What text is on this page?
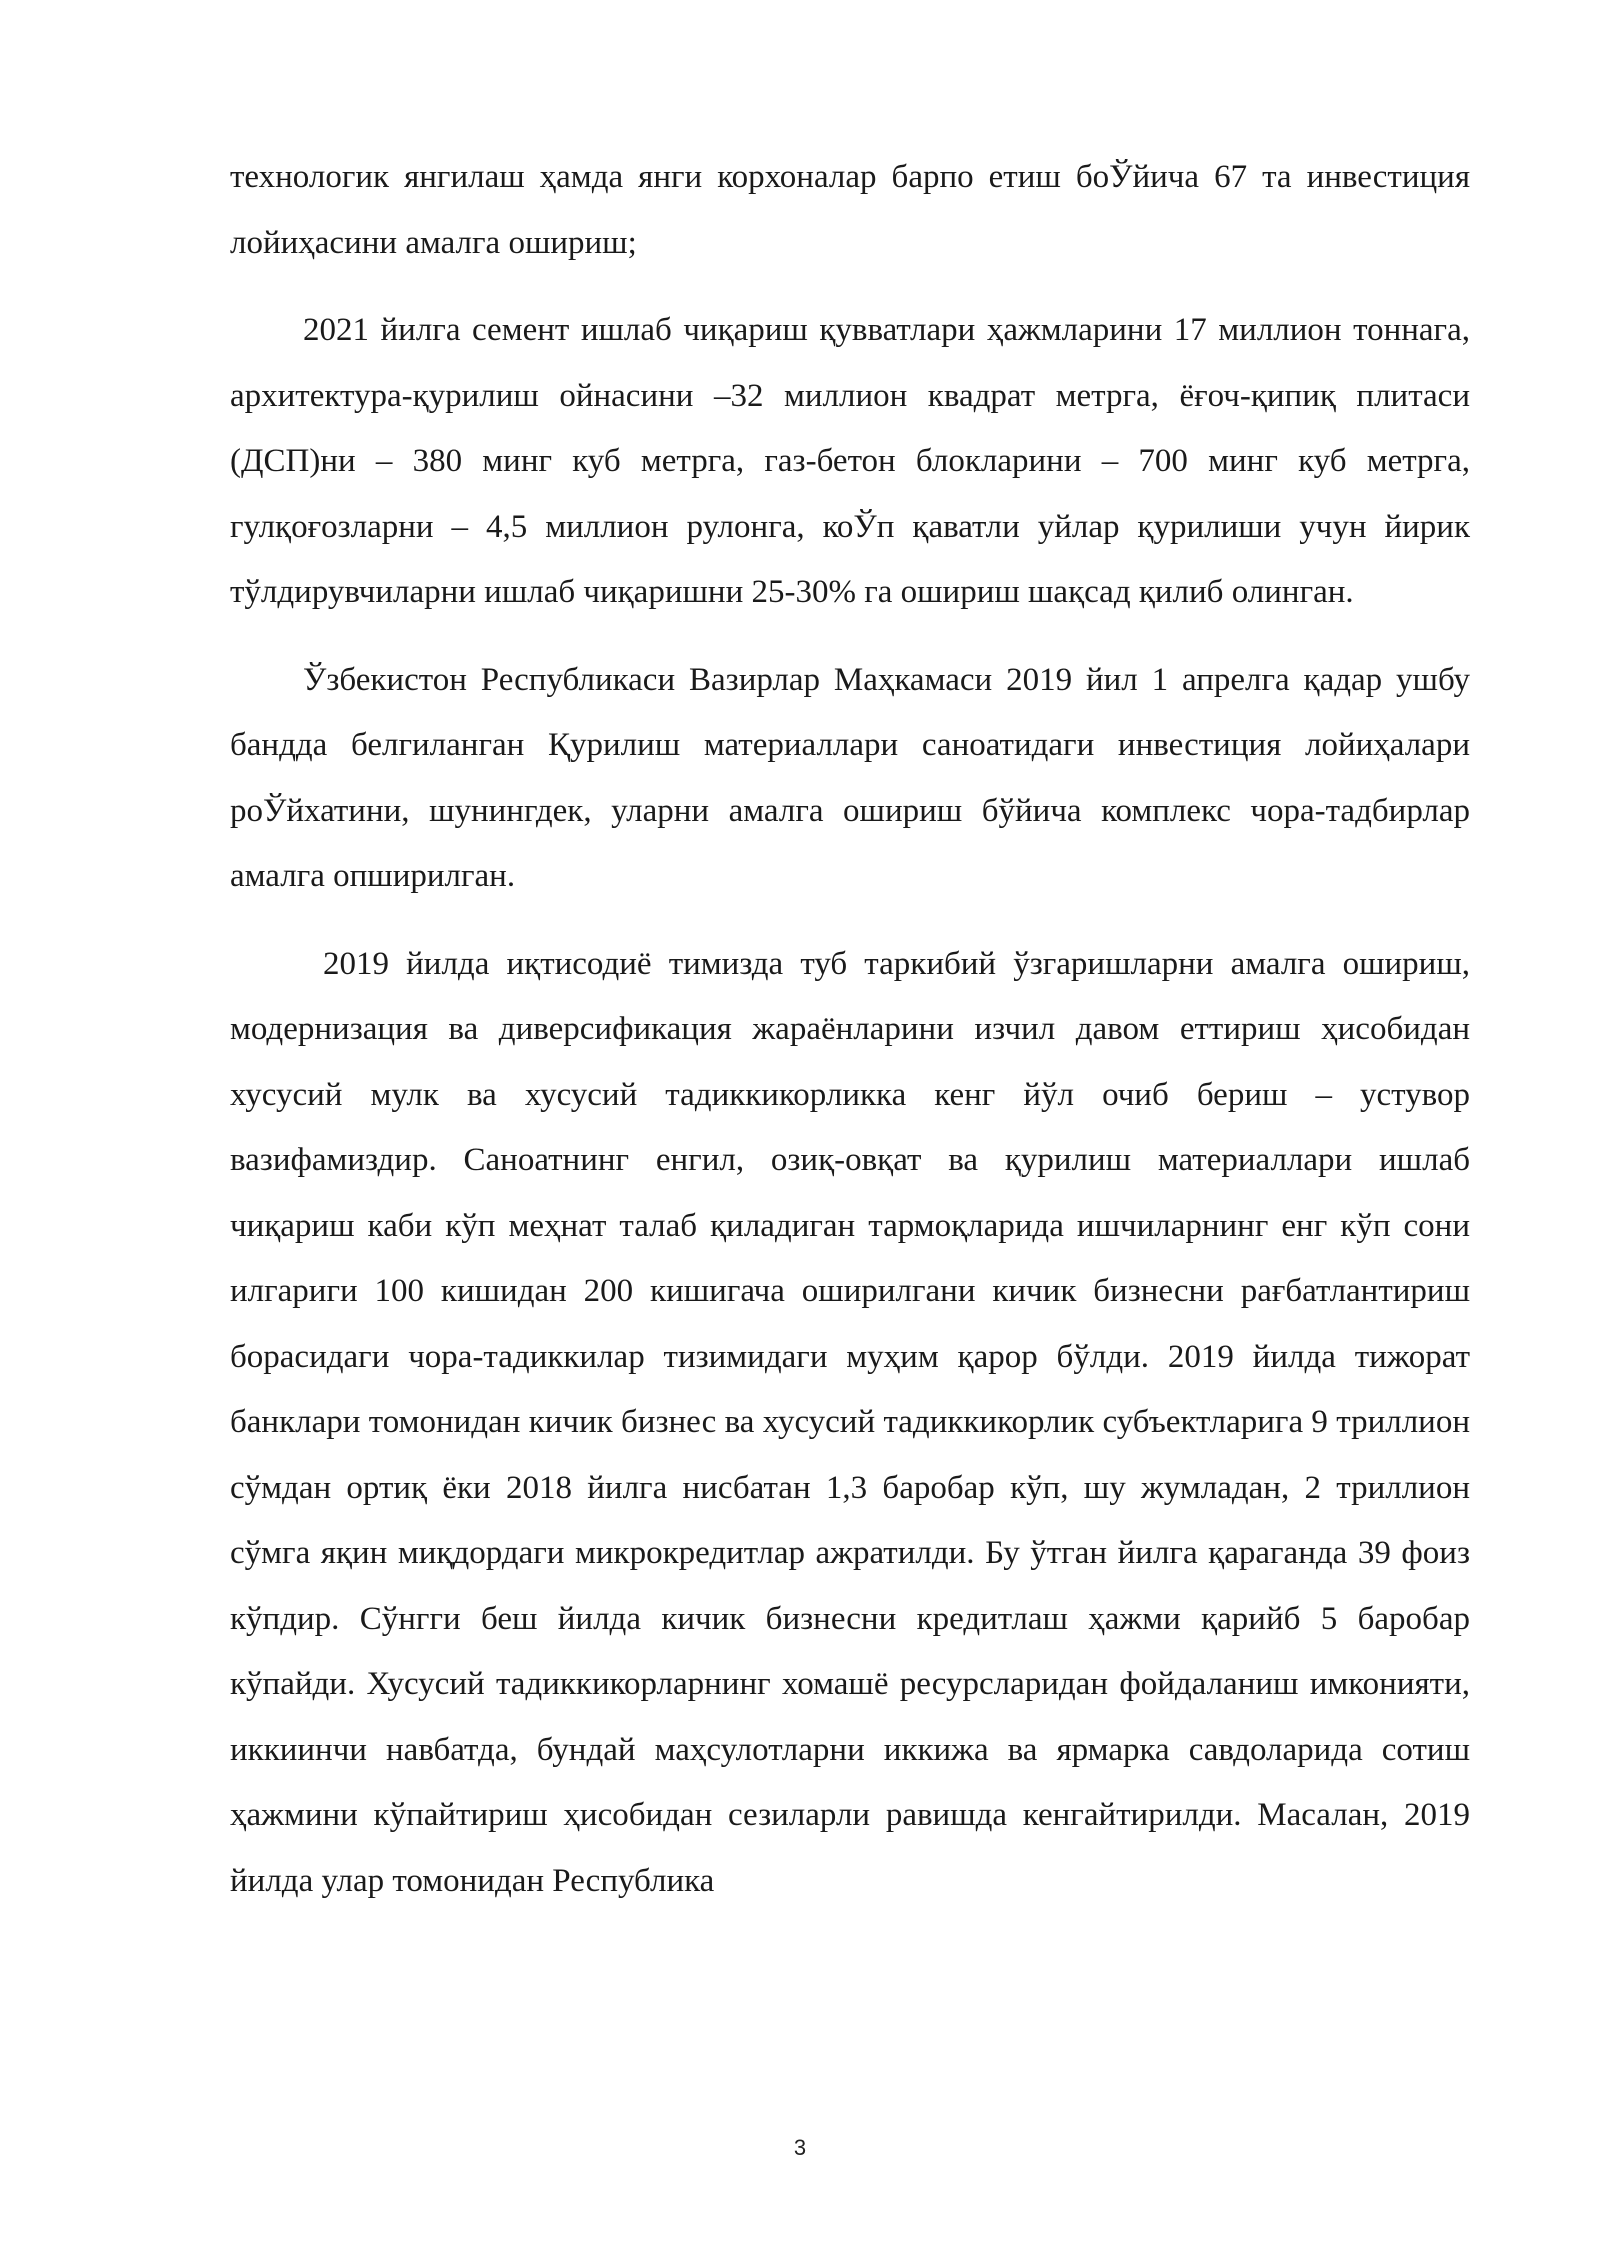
технологик янгилаш ҳамда янги корхоналар барпо етиш боЎйича 67 та инвестиция лойиҳасини амалга ошириш;

2021 йилга семент ишлаб чиқариш қувватлари ҳажмларини 17 миллион тоннага, архитектура-қурилиш ойнасини –32 миллион квадрат метрга, ёғоч-қипиқ плитаси (ДСП)ни – 380 минг куб метрга, газ-бетон блокларини – 700 минг куб метрга, гулқоғозларни – 4,5 миллион рулонга, коЎп қаватли уйлар қурилиши учун йирик тўлдирувчиларни ишлаб чиқаришни 25-30% га ошириш шақсад қилиб олинган.

Ўзбекистон Республикаси Вазирлар Маҳкамаси 2019 йил 1 апрелга қадар ушбу бандда белгиланган Қурилиш материаллари саноатидаги инвестиция лойиҳалари роЎйхатини, шунингдек, уларни амалга ошириш бўйича комплекс чора-тадбирлар амалга опширилган.

2019 йилда иқтисодиё тимизда туб таркибий ўзгаришларни амалга ошириш, модернизация ва диверсификация жараёнларини изчил давом еттириш ҳисобидан хусусий мулк ва хусусий тадиккикорликка кенг йўл очиб бериш – устувор вазифамиздир. Саноатнинг енгил, озиқ-овқат ва қурилиш материаллари ишлаб чиқариш каби кўп меҳнат талаб қиладиган тармоқларида ишчиларнинг енг кўп сони илгариги 100 кишидан 200 кишигача оширилгани кичик бизнесни рағбатлантириш борасидаги чора-тадиккилар тизимидаги муҳим қарор бўлди. 2019 йилда тижорат банклари томонидан кичик бизнес ва хусусий тадиккикорлик субъектларига 9 триллион сўмдан ортиқ ёки 2018 йилга нисбатан 1,3 баробар кўп, шу жумладан, 2 триллион сўмга яқин миқдордаги микрокредитлар ажратилди. Бу ўтган йилга қараганда 39 фоиз кўпдир. Сўнгги беш йилда кичик бизнесни кредитлаш ҳажми қарийб 5 баробар кўпайди. Хусусий тадиккикорларнинг хомашё ресурсларидан фойдаланиш имконияти, иккиинчи навбатда, бундай маҳсулотларни иккижа ва ярмарка савдоларида сотиш ҳажмини кўпайтириш ҳисобидан сезиларли равишда кенгайтирилди. Масалан, 2019 йилда улар томонидан Республика

3
